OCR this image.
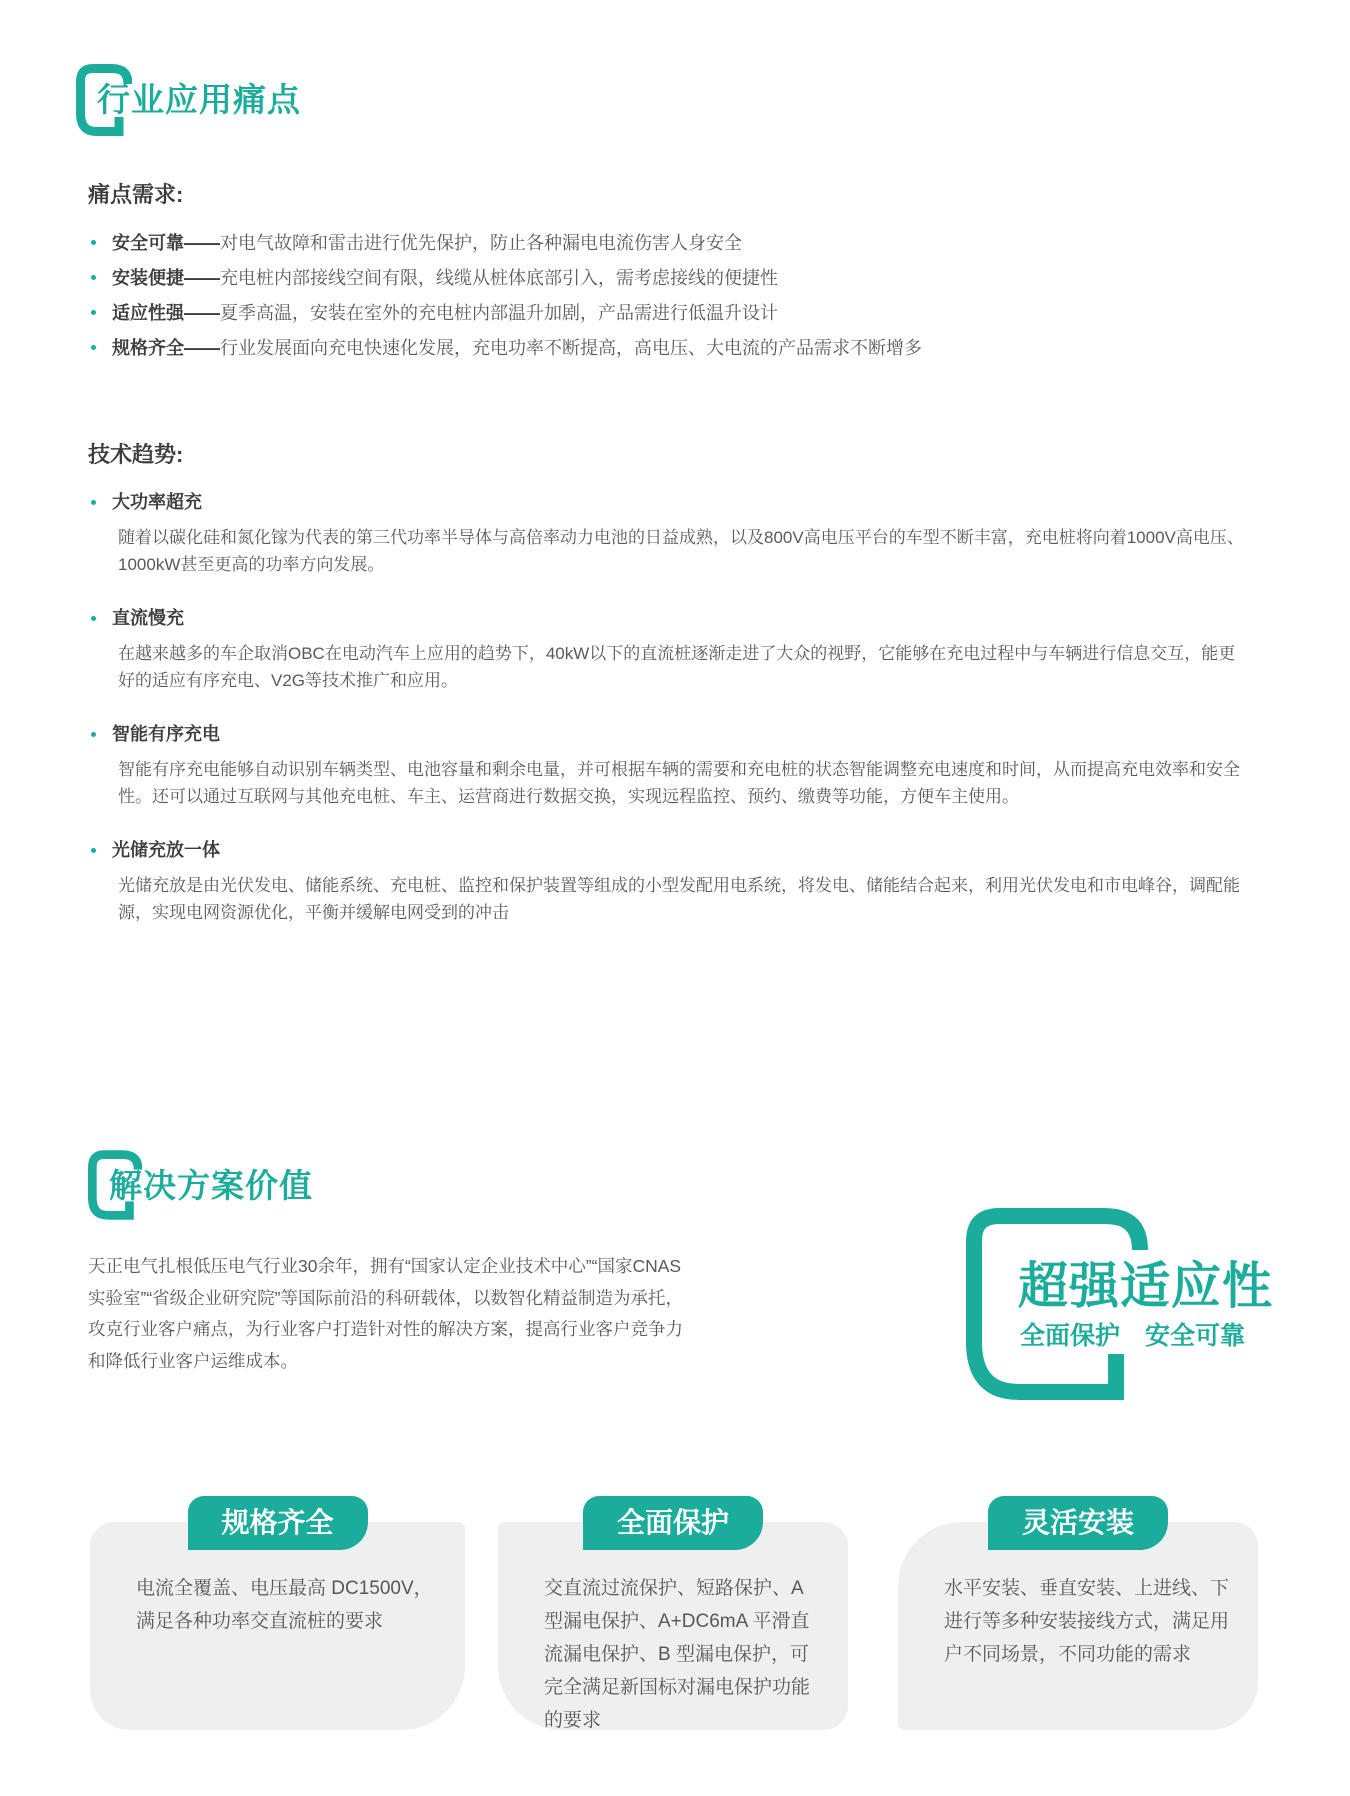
行业应用痛点
痛点需求:
安全可靠——对电气故障和雷击进行优先保护，防止各种漏电电流伤害人身安全
安装便捷——充电桩内部接线空间有限，线缆从桩体底部引入，需考虑接线的便捷性
适应性强——夏季高温，安装在室外的充电桩内部温升加剧，产品需进行低温升设计
规格齐全——行业发展面向充电快速化发展，充电功率不断提高，高电压、大电流的产品需求不断增多
技术趋势:
大功率超充

随着以碳化硅和氮化镓为代表的第三代功率半导体与高倍率动力电池的日益成熟，以及800V高电压平台的车型不断丰富，充电桩将向着1000V高电压、1000kW甚至更高的功率方向发展。

直流慢充

在越来越多的车企取消OBC在电动汽车上应用的趋势下，40kW以下的直流桩逐渐走进了大众的视野，它能够在充电过程中与车辆进行信息交互，能更好的适应有序充电、V2G等技术推广和应用。

智能有序充电

智能有序充电能够自动识别车辆类型、电池容量和剩余电量，并可根据车辆的需要和充电桩的状态智能调整充电速度和时间，从而提高充电效率和安全性。还可以通过互联网与其他充电桩、车主、运营商进行数据交换，实现远程监控、预约、缴费等功能，方便车主使用。

光储充放一体

光储充放是由光伏发电、储能系统、充电桩、监控和保护装置等组成的小型发配用电系统，将发电、储能结合起来，利用光伏发电和市电峰谷，调配能源，实现电网资源优化，平衡并缓解电网受到的冲击

解决方案价值

天正电气扎根低压电气行业30余年，拥有“国家认定企业技术中心”“国家CNAS实验室”“省级企业研究院”等国际前沿的科研载体，以数智化精益制造为承托，攻克行业客户痛点，为行业客户打造针对性的解决方案，提高行业客户竞争力和降低行业客户运维成本。

超强适应性
全面保护　安全可靠
规格齐全
电流全覆盖、电压最高 DC1500V，满足各种功率交直流桩的要求
全面保护
交直流过流保护、短路保护、A 型漏电保护、A+DC6mA 平滑直流漏电保护、B 型漏电保护，可完全满足新国标对漏电保护功能的要求
灵活安装
水平安装、垂直安装、上进线、下进行等多种安装接线方式，满足用户不同场景，不同功能的需求
